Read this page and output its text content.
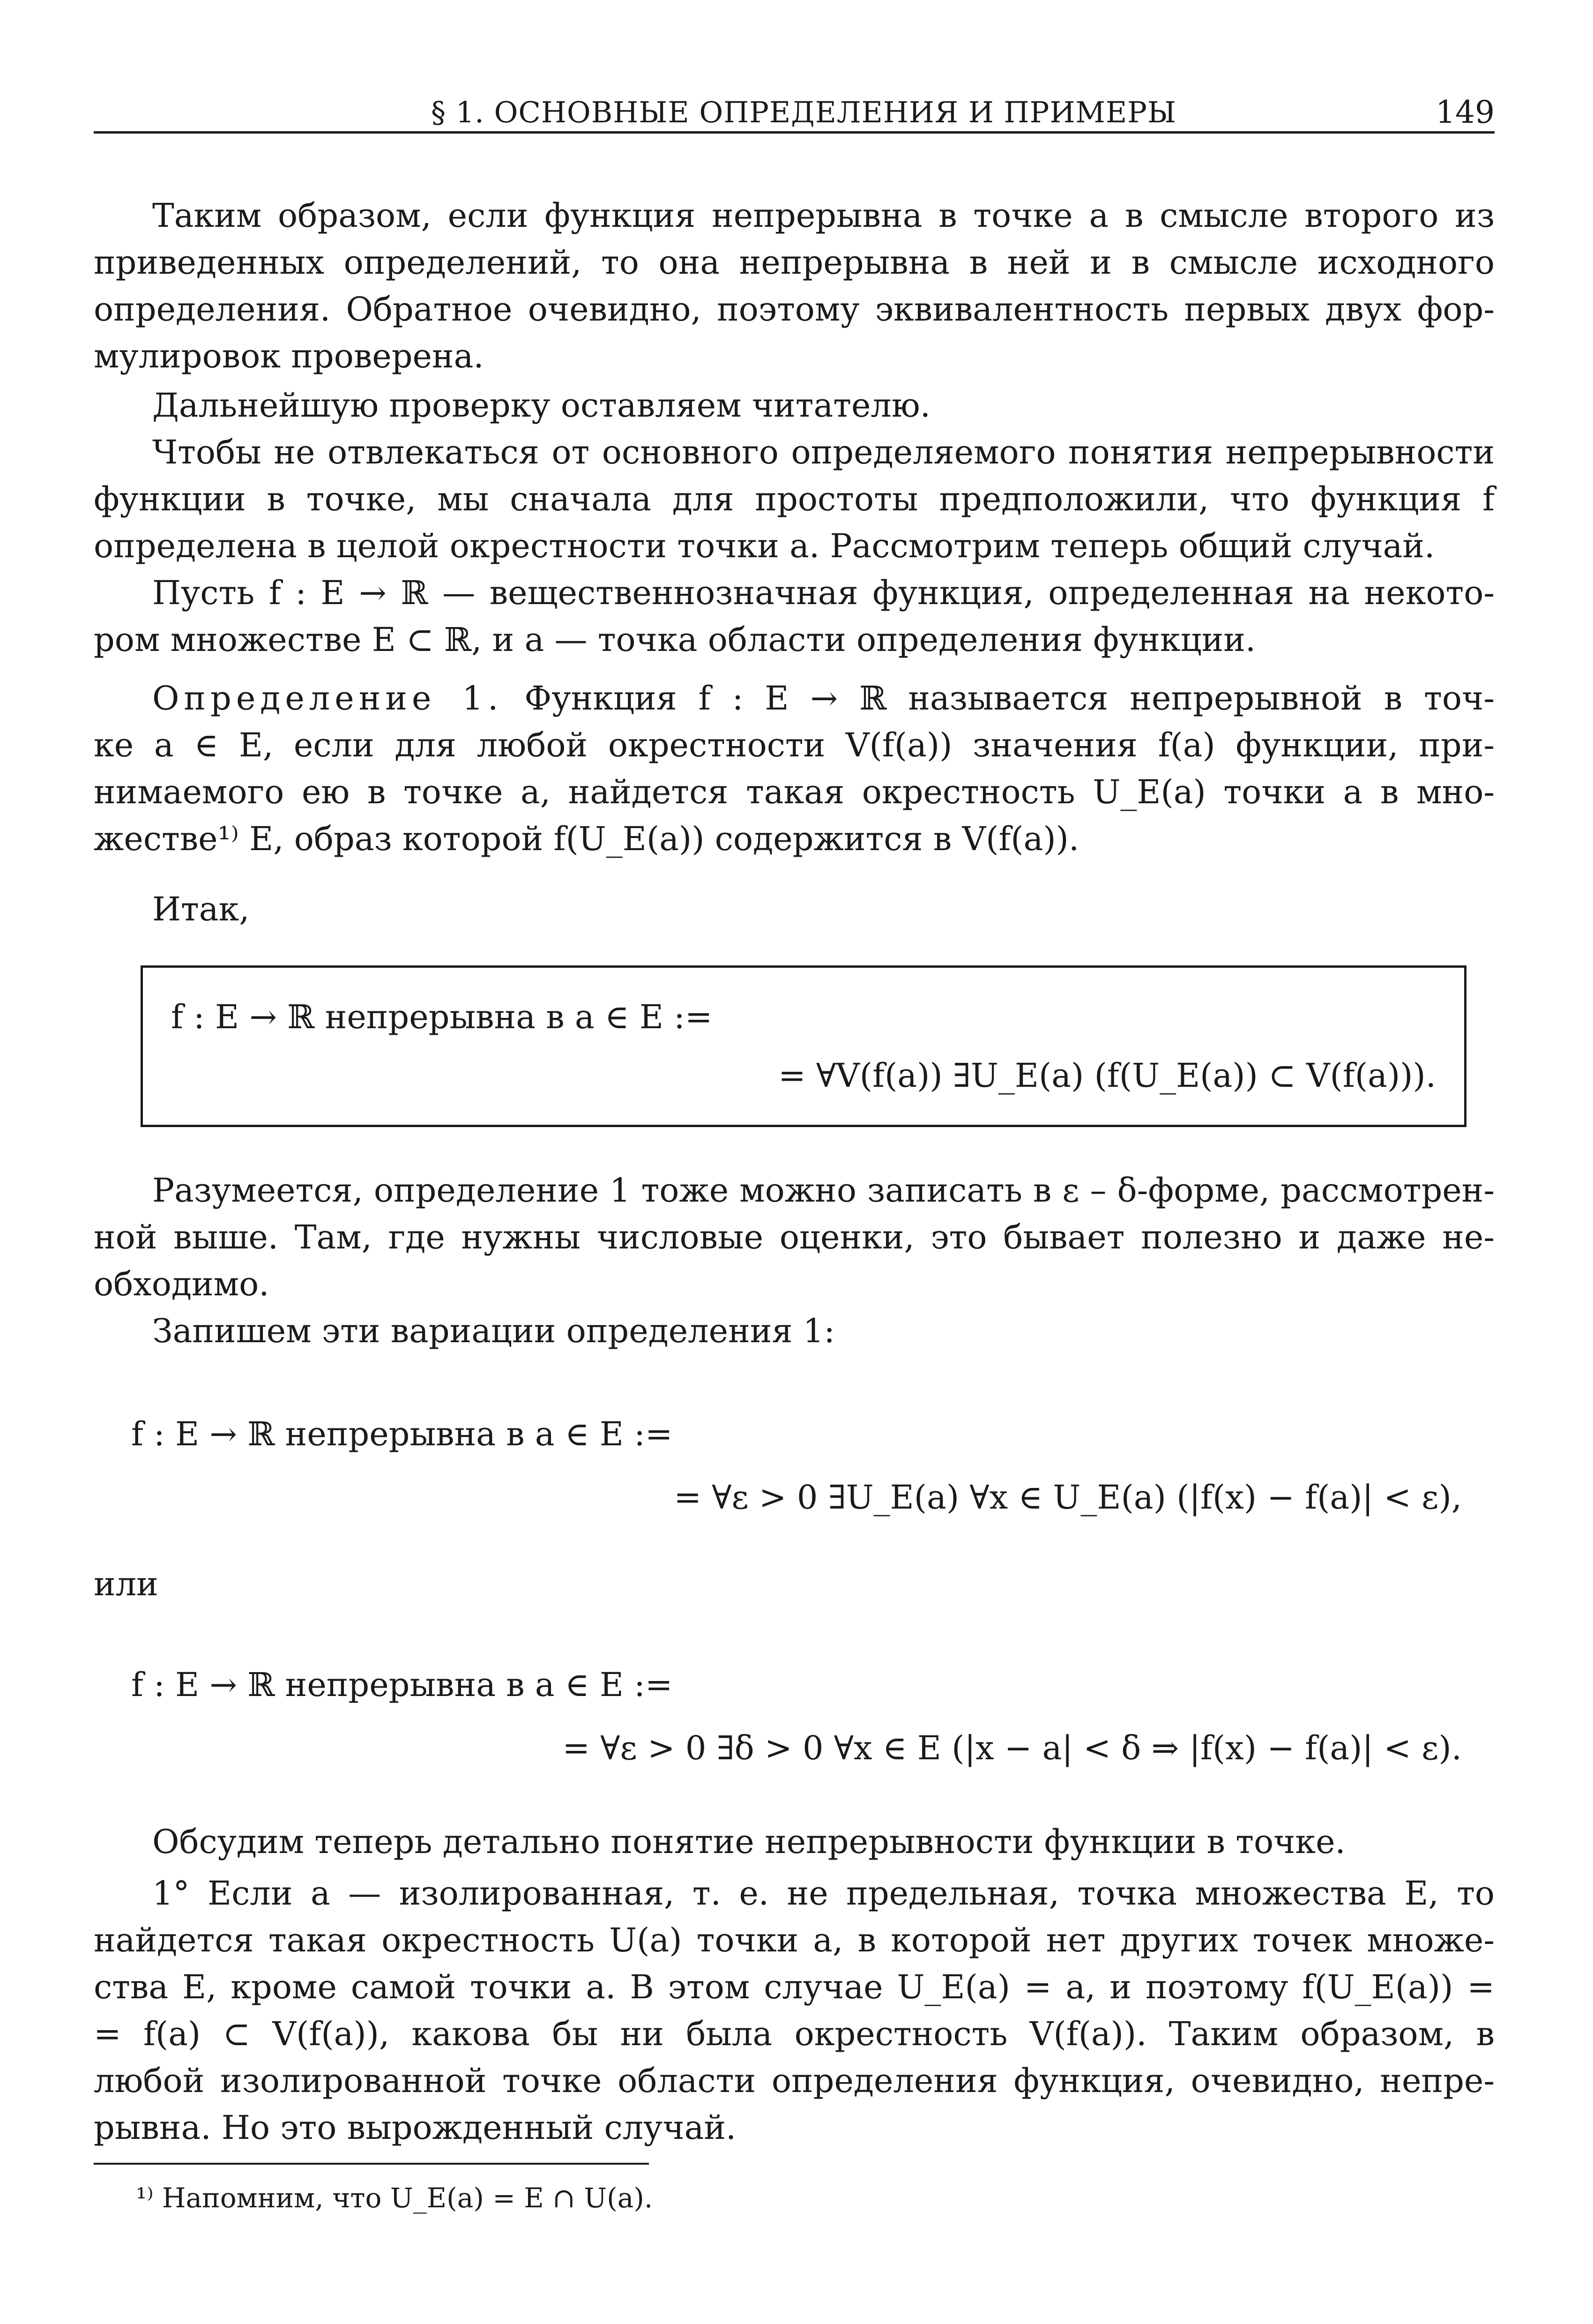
§ 1. ОСНОВНЫЕ ОПРЕДЕЛЕНИЯ И ПРИМЕРЫ	149
Таким образом, если функция непрерывна в точке a в смысле второго из
приведенных определений, то она непрерывна в ней и в смысле исходного
определения. Обратное очевидно, поэтому эквивалентность первых двух фор-
мулировок проверена.
Дальнейшую проверку оставляем читателю.
Чтобы не отвлекаться от основного определяемого понятия непрерывности
функции в точке, мы сначала для простоты предположили, что функция f
определена в целой окрестности точки a. Рассмотрим теперь общий случай.
Пусть f : E → ℝ — вещественнозначная функция, определенная на некото-
ром множестве E ⊂ ℝ, и a — точка области определения функции.
Определение 1. Функция f : E → ℝ называется непрерывной в точ-
ке a ∈ E, если для любой окрестности V(f(a)) значения f(a) функции, при-
нимаемого ею в точке a, найдется такая окрестность U_E(a) точки a в мно-
жестве¹⁾ E, образ которой f(U_E(a)) содержится в V(f(a)).
Итак,
f : E → ℝ непрерывна в a ∈ E :=
= ∀V(f(a)) ∃U_E(a) (f(U_E(a)) ⊂ V(f(a))).
Разумеется, определение 1 тоже можно записать в ε – δ-форме, рассмотрен-
ной выше. Там, где нужны числовые оценки, это бывает полезно и даже не-
обходимо.
Запишем эти вариации определения 1:
f : E → ℝ непрерывна в a ∈ E :=
= ∀ε > 0 ∃U_E(a) ∀x ∈ U_E(a) (|f(x) − f(a)| < ε),
или
f : E → ℝ непрерывна в a ∈ E :=
= ∀ε > 0 ∃δ > 0 ∀x ∈ E (|x − a| < δ ⇒ |f(x) − f(a)| < ε).
Обсудим теперь детально понятие непрерывности функции в точке.
1° Если a — изолированная, т. е. не предельная, точка множества E, то
найдется такая окрестность U(a) точки a, в которой нет других точек множе-
ства E, кроме самой точки a. В этом случае U_E(a) = a, и поэтому f(U_E(a)) =
= f(a) ⊂ V(f(a)), какова бы ни была окрестность V(f(a)). Таким образом, в
любой изолированной точке области определения функция, очевидно, непре-
рывна. Но это вырожденный случай.
¹⁾ Напомним, что U_E(a) = E ∩ U(a).
